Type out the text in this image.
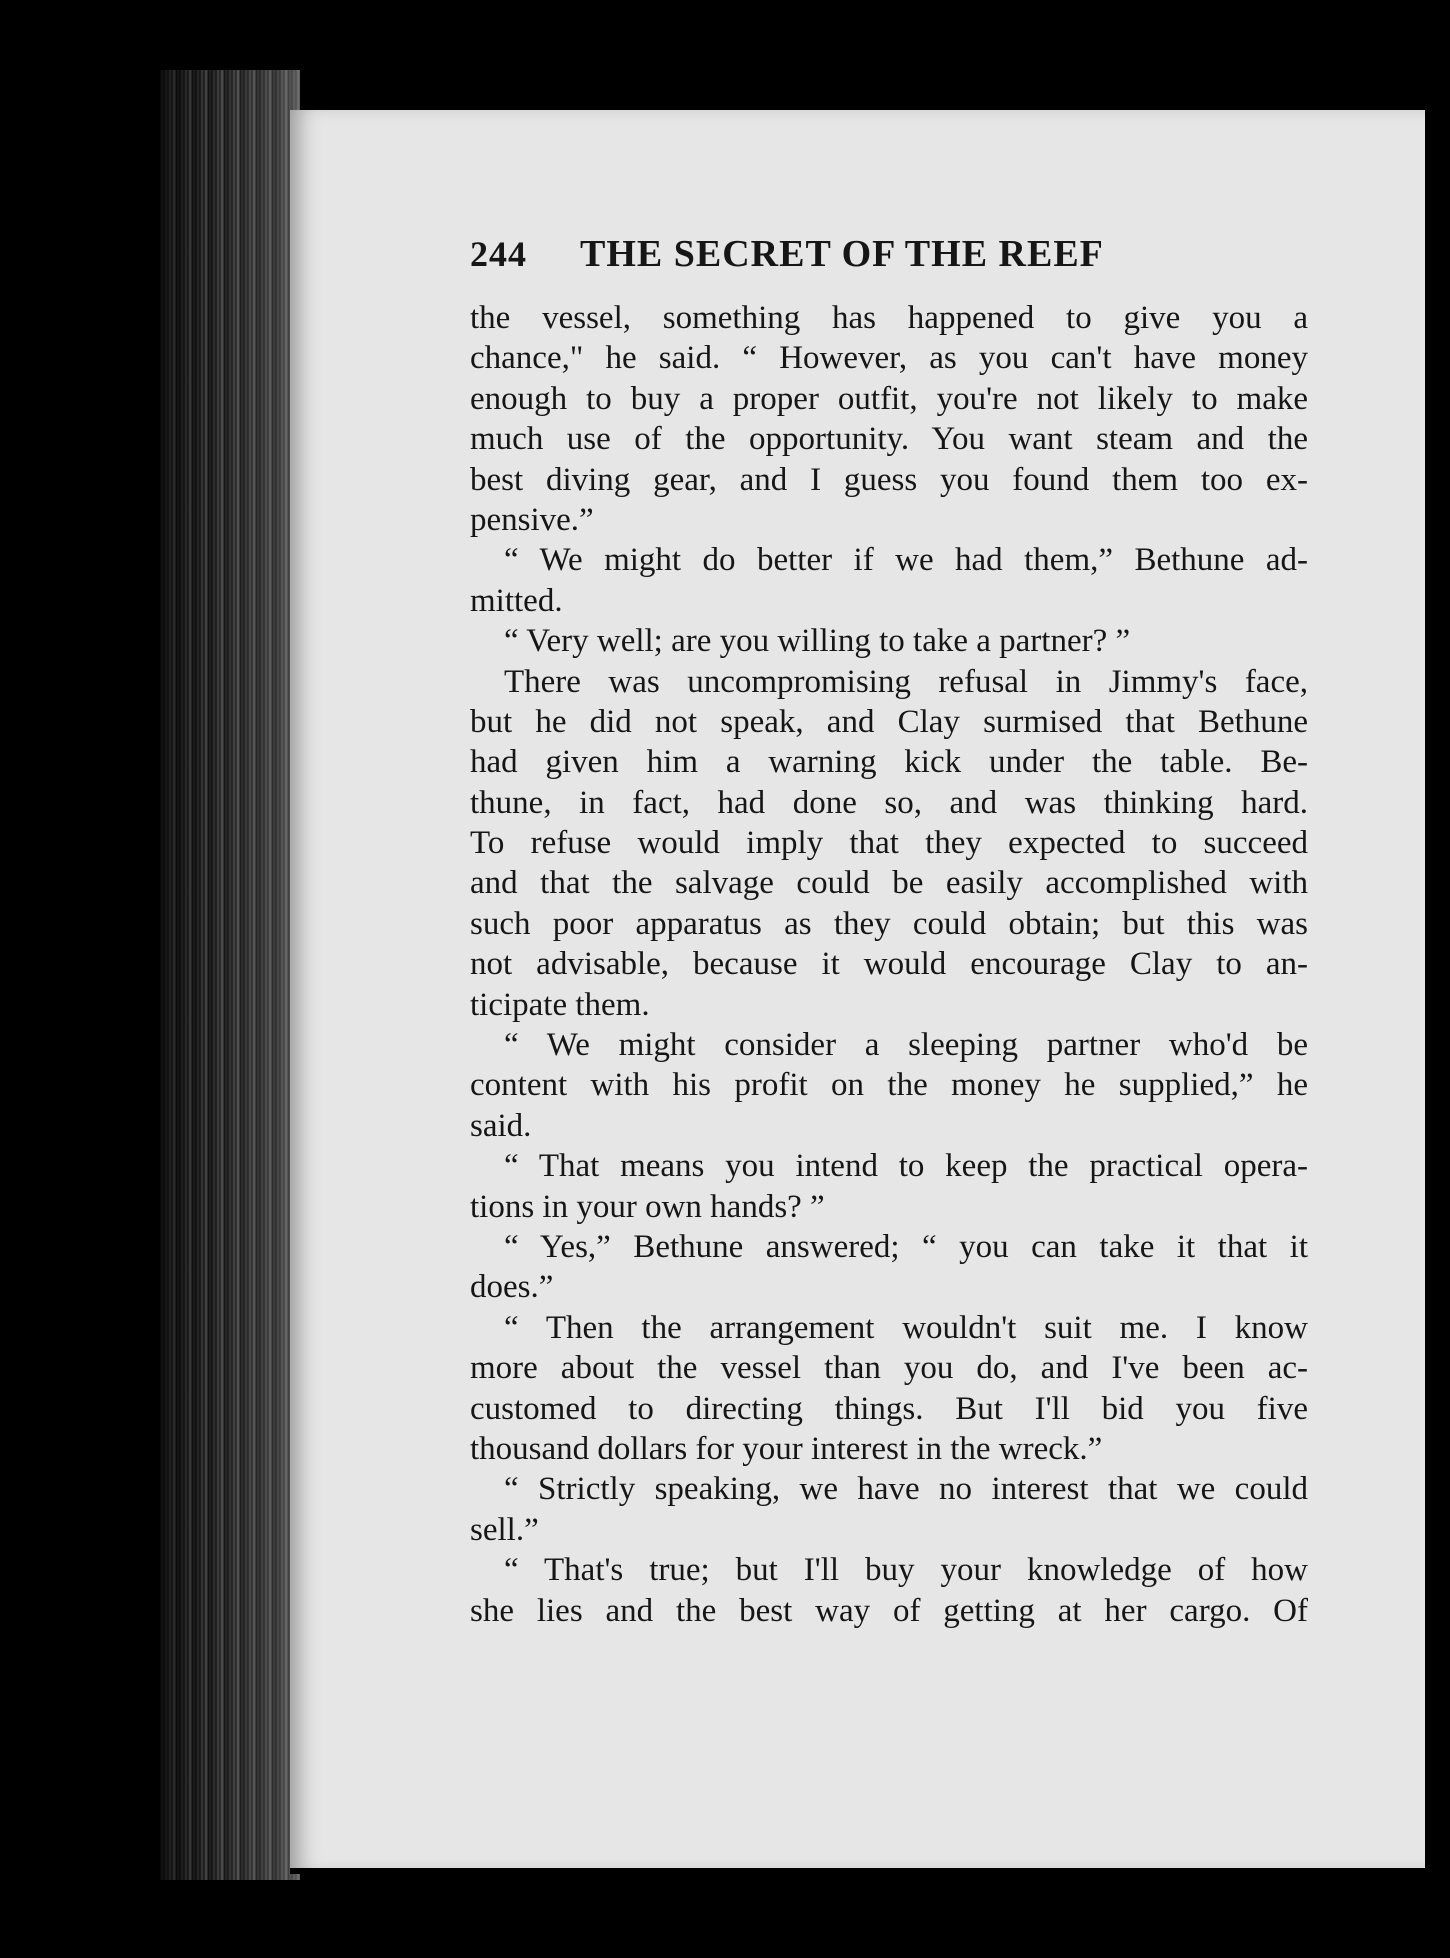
244	THE SECRET OF THE REEF
the vessel, something has happened to give you a
chance," he said. “ However, as you can't have money
enough to buy a proper outfit, you're not likely to make
much use of the opportunity. You want steam and the
best diving gear, and I guess you found them too ex-
pensive.”
“ We might do better if we had them,” Bethune ad-
mitted.
“ Very well; are you willing to take a partner? ”
There was uncompromising refusal in Jimmy's face,
but he did not speak, and Clay surmised that Bethune
had given him a warning kick under the table. Be-
thune, in fact, had done so, and was thinking hard.
To refuse would imply that they expected to succeed
and that the salvage could be easily accomplished with
such poor apparatus as they could obtain; but this was
not advisable, because it would encourage Clay to an-
ticipate them.
“ We might consider a sleeping partner who'd be
content with his profit on the money he supplied,” he
said.
“ That means you intend to keep the practical opera-
tions in your own hands? ”
“ Yes,” Bethune answered; “ you can take it that it
does.”
“ Then the arrangement wouldn't suit me. I know
more about the vessel than you do, and I've been ac-
customed to directing things. But I'll bid you five
thousand dollars for your interest in the wreck.”
“ Strictly speaking, we have no interest that we could
sell.”
“ That's true; but I'll buy your knowledge of how
she lies and the best way of getting at her cargo. Of
